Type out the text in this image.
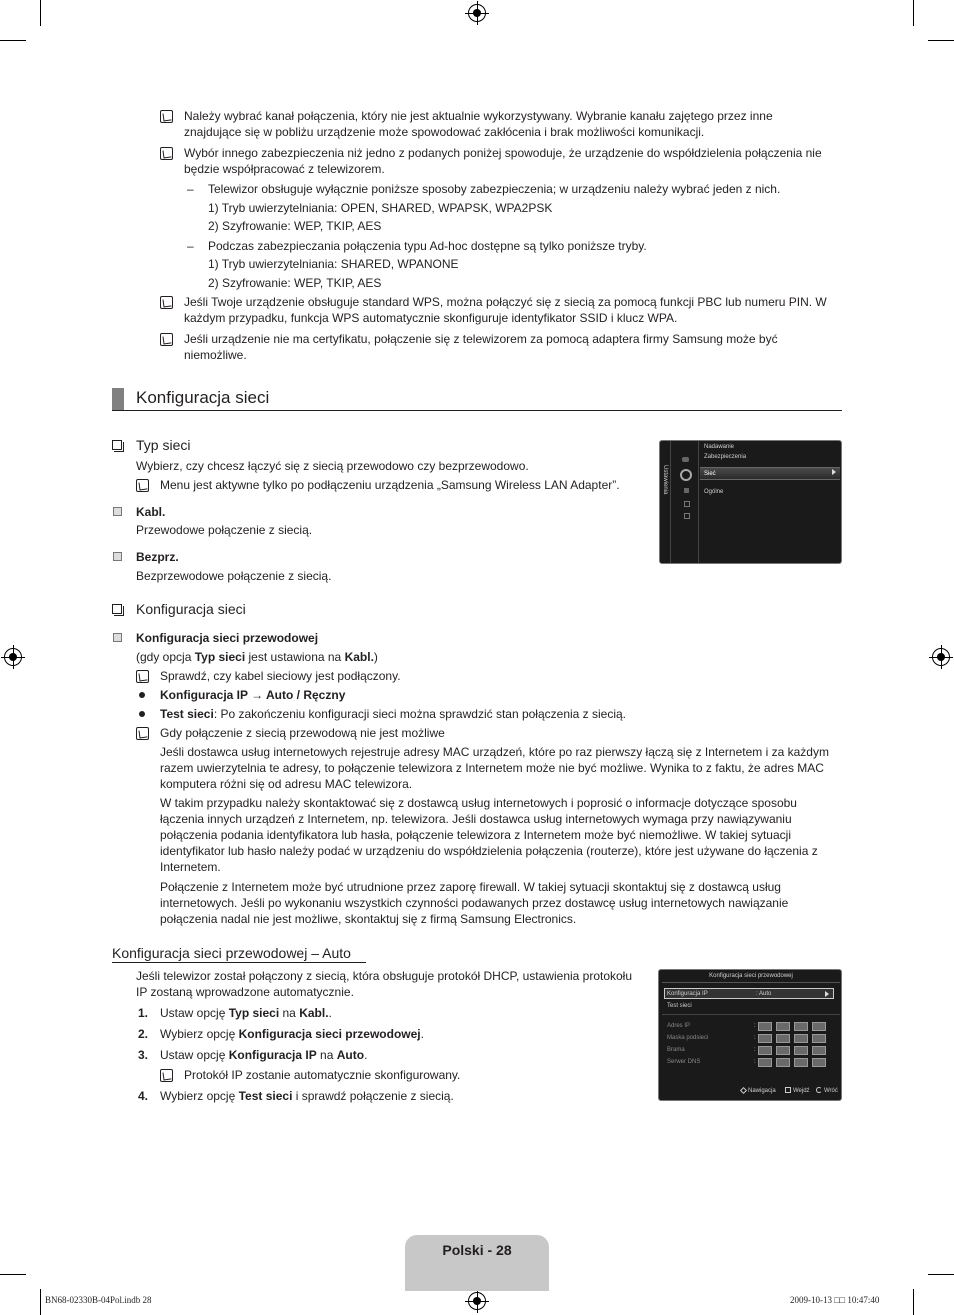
Należy wybrać kanał połączenia, który nie jest aktualnie wykorzystywany. Wybranie kanału zajętego przez inne znajdujące się w pobliżu urządzenie może spowodować zakłócenia i brak możliwości komunikacji.
Wybór innego zabezpieczenia niż jedno z podanych poniżej spowoduje, że urządzenie do współdzielenia połączenia nie będzie współpracować z telewizorem.
– Telewizor obsługuje wyłącznie poniższe sposoby zabezpieczenia; w urządzeniu należy wybrać jeden z nich.
1) Tryb uwierzytelniania: OPEN, SHARED, WPAPSK, WPA2PSK
2) Szyfrowanie: WEP, TKIP, AES
– Podczas zabezpieczania połączenia typu Ad-hoc dostępne są tylko poniższe tryby.
1) Tryb uwierzytelniania: SHARED, WPANONE
2) Szyfrowanie: WEP, TKIP, AES
Jeśli Twoje urządzenie obsługuje standard WPS, można połączyć się z siecią za pomocą funkcji PBC lub numeru PIN. W każdym przypadku, funkcja WPS automatycznie skonfiguruje identyfikator SSID i klucz WPA.
Jeśli urządzenie nie ma certyfikatu, połączenie się z telewizorem za pomocą adaptera firmy Samsung może być niemożliwe.
Konfiguracja sieci
Typ sieci
Wybierz, czy chcesz łączyć się z siecią przewodowo czy bezprzewodowo.
Menu jest aktywne tylko po podłączeniu urządzenia „Samsung Wireless LAN Adapter”.
Kabl.
Przewodowe połączenie z siecią.
Bezprz.
Bezprzewodowe połączenie z siecią.
Ustawienia
Nadawanie
Zabezpieczenia
Sieć
Ogólne
Konfiguracja sieci
Konfiguracja sieci przewodowej
(gdy opcja Typ sieci jest ustawiona na Kabl.)
Sprawdź, czy kabel sieciowy jest podłączony.
Konfiguracja IP → Auto / Ręczny
Test sieci: Po zakończeniu konfiguracji sieci można sprawdzić stan połączenia z siecią.
Gdy połączenie z siecią przewodową nie jest możliwe
Jeśli dostawca usług internetowych rejestruje adresy MAC urządzeń, które po raz pierwszy łączą się z Internetem i za każdym razem uwierzytelnia te adresy, to połączenie telewizora z Internetem może nie być możliwe. Wynika to z faktu, że adres MAC komputera różni się od adresu MAC telewizora.
W takim przypadku należy skontaktować się z dostawcą usług internetowych i poprosić o informacje dotyczące sposobu łączenia innych urządzeń z Internetem, np. telewizora. Jeśli dostawca usług internetowych wymaga przy nawiązywaniu połączenia podania identyfikatora lub hasła, połączenie telewizora z Internetem może być niemożliwe. W takiej sytuacji identyfikator lub hasło należy podać w urządzeniu do współdzielenia połączenia (routerze), które jest używane do łączenia z Internetem.
Połączenie z Internetem może być utrudnione przez zaporę firewall. W takiej sytuacji skontaktuj się z dostawcą usług internetowych. Jeśli po wykonaniu wszystkich czynności podawanych przez dostawcę usług internetowych nawiązanie połączenia nadal nie jest możliwe, skontaktuj się z firmą Samsung Electronics.
Konfiguracja sieci przewodowej – Auto
Jeśli telewizor został połączony z siecią, która obsługuje protokół DHCP, ustawienia protokołu IP zostaną wprowadzone automatycznie.
1. Ustaw opcję Typ sieci na Kabl..
2. Wybierz opcję Konfiguracja sieci przewodowej.
3. Ustaw opcję Konfiguracja IP na Auto.
Protokół IP zostanie automatycznie skonfigurowany.
4. Wybierz opcję Test sieci i sprawdź połączenie z siecią.
Konfiguracja sieci przewodowej
Konfiguracja IP	: Auto
Test sieci
Adres IP
Maska podsieci
Brama
Serwer DNS
:
:
:
:
Nawigacja	Wejdź Wróć
Polski - 28
BN68-02330B-04Pol.indb 28	2009-10-13 □□ 10:47:40
